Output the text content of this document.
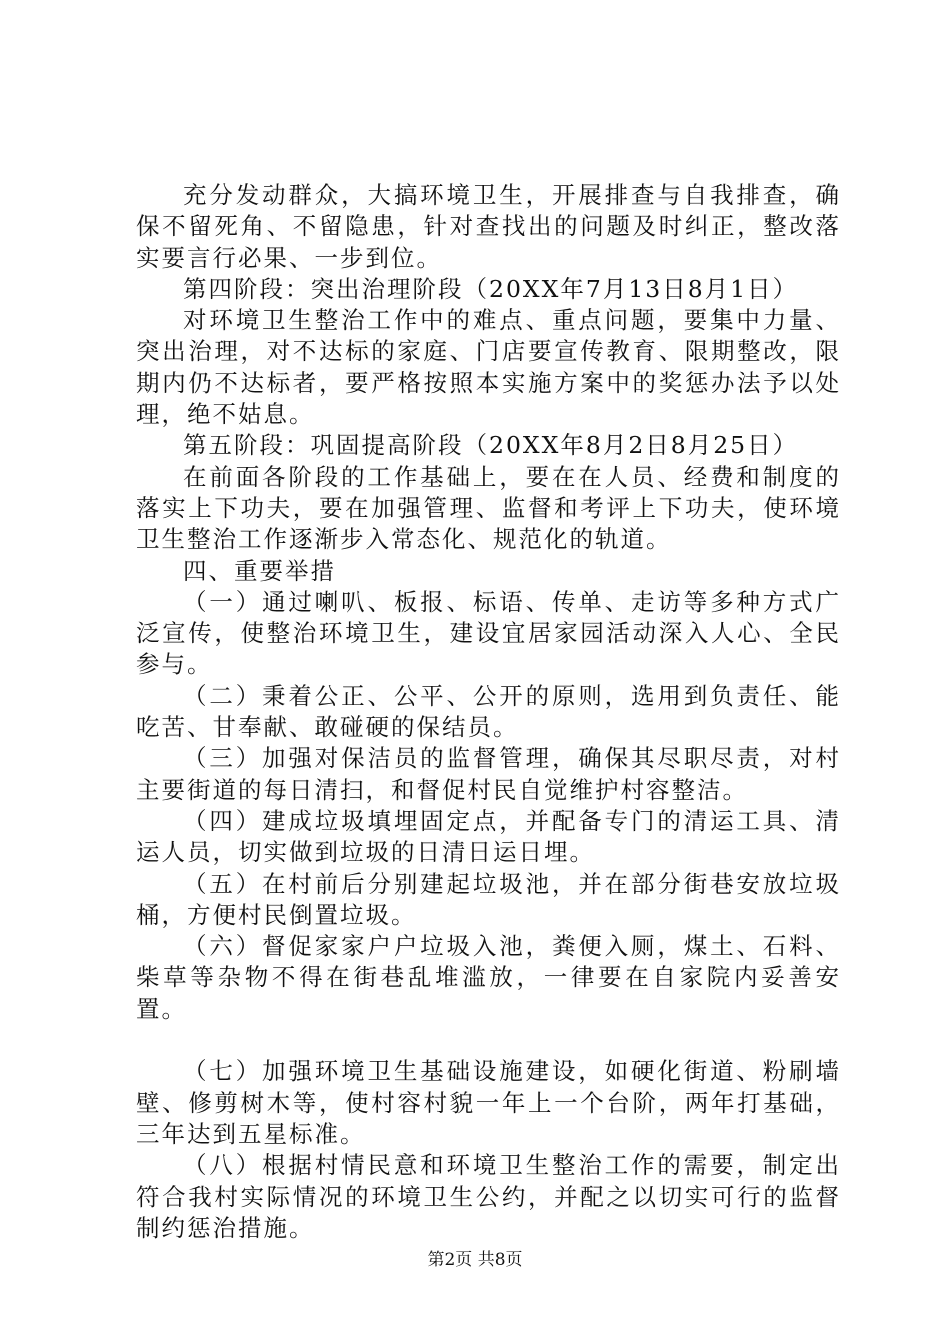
充分发动群众，大搞环境卫生，开展排查与自我排查，确保不留死角、不留隐患，针对查找出的问题及时纠正，整改落实要言行必果、一步到位。

第四阶段：突出治理阶段（20XX年7月13日8月1日）

对环境卫生整治工作中的难点、重点问题，要集中力量、突出治理，对不达标的家庭、门店要宣传教育、限期整改，限期内仍不达标者，要严格按照本实施方案中的奖惩办法予以处理，绝不姑息。

第五阶段：巩固提高阶段（20XX年8月2日8月25日）

在前面各阶段的工作基础上，要在在人员、经费和制度的落实上下功夫，要在加强管理、监督和考评上下功夫，使环境卫生整治工作逐渐步入常态化、规范化的轨道。

四、重要举措

（一）通过喇叭、板报、标语、传单、走访等多种方式广泛宣传，使整治环境卫生，建设宜居家园活动深入人心、全民参与。

（二）秉着公正、公平、公开的原则，选用到负责任、能吃苦、甘奉献、敢碰硬的保结员。

（三）加强对保洁员的监督管理，确保其尽职尽责，对村主要街道的每日清扫，和督促村民自觉维护村容整洁。

（四）建成垃圾填埋固定点，并配备专门的清运工具、清运人员，切实做到垃圾的日清日运日埋。

（五）在村前后分别建起垃圾池，并在部分街巷安放垃圾桶，方便村民倒置垃圾。

（六）督促家家户户垃圾入池，粪便入厕，煤土、石料、柴草等杂物不得在街巷乱堆滥放，一律要在自家院内妥善安置。

（七）加强环境卫生基础设施建设，如硬化街道、粉刷墙壁、修剪树木等，使村容村貌一年上一个台阶，两年打基础，三年达到五星标准。

（八）根据村情民意和环境卫生整治工作的需要，制定出符合我村实际情况的环境卫生公约，并配之以切实可行的监督制约惩治措施。

第2页 共8页
